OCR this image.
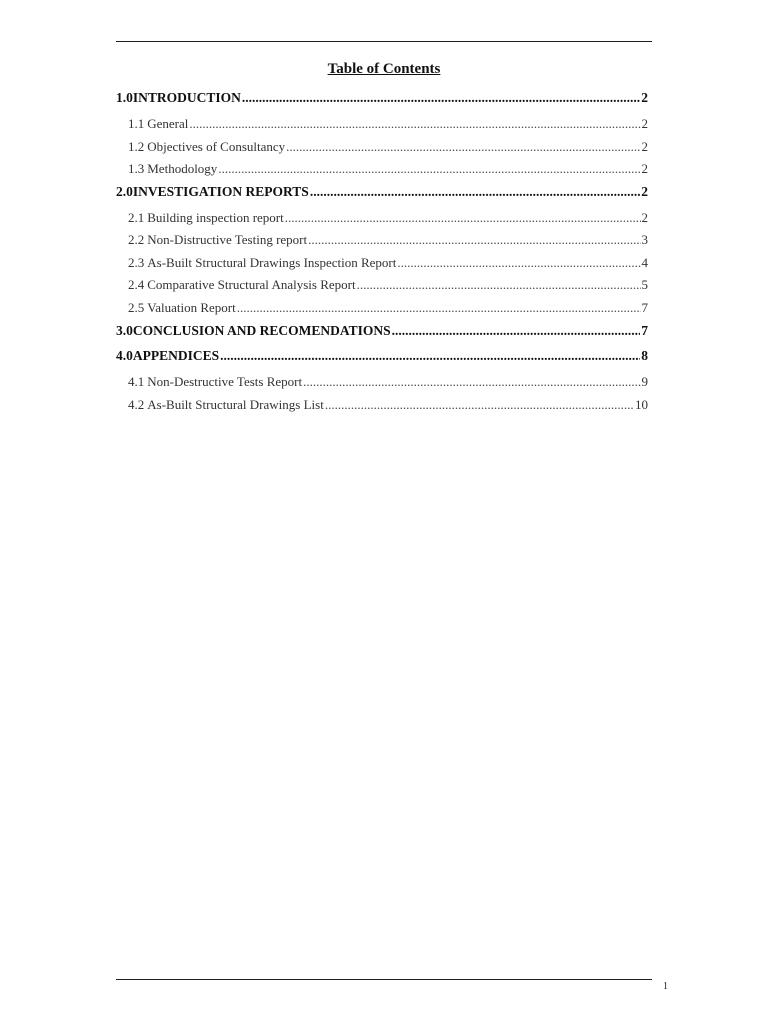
Table of Contents
1.0 INTRODUCTION .....	2
1.1 General .....	2
1.2 Objectives of Consultancy .....	2
1.3 Methodology .....	2
2.0 INVESTIGATION REPORTS .....	2
2.1 Building inspection report .....	2
2.2 Non-Distructive Testing report .....	3
2.3 As-Built Structural Drawings Inspection Report .....	4
2.4 Comparative Structural Analysis Report .....	5
2.5 Valuation Report .....	7
3.0 CONCLUSION AND RECOMENDATIONS .....	7
4.0 APPENDICES .....	8
4.1 Non-Destructive Tests Report .....	9
4.2 As-Built Structural Drawings List .....	10
1
